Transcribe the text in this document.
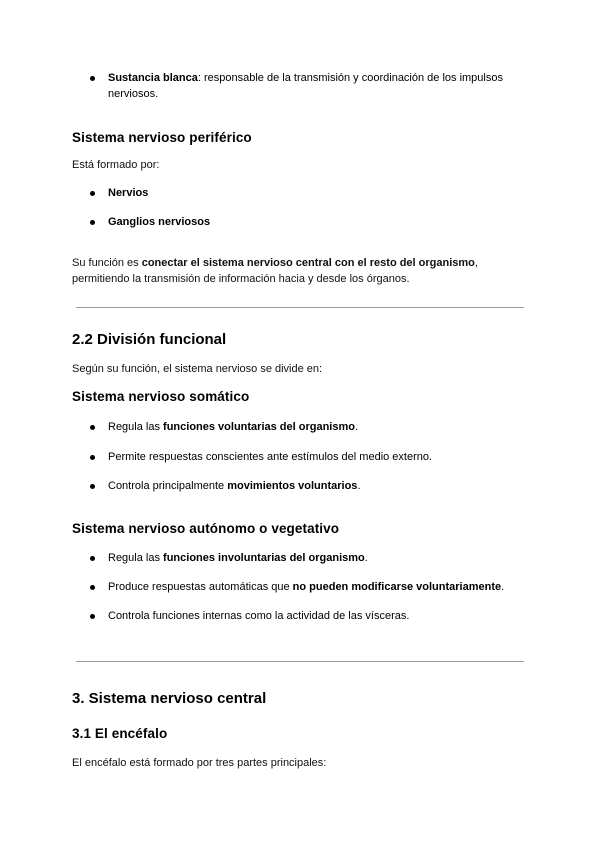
Sustancia blanca: responsable de la transmisión y coordinación de los impulsos
nerviosos.
Sistema nervioso periférico
Está formado por:
Nervios
Ganglios nerviosos
Su función es conectar el sistema nervioso central con el resto del organismo,
permitiendo la transmisión de información hacia y desde los órganos.
2.2 División funcional
Según su función, el sistema nervioso se divide en:
Sistema nervioso somático
Regula las funciones voluntarias del organismo.
Permite respuestas conscientes ante estímulos del medio externo.
Controla principalmente movimientos voluntarios.
Sistema nervioso autónomo o vegetativo
Regula las funciones involuntarias del organismo.
Produce respuestas automáticas que no pueden modificarse voluntariamente.
Controla funciones internas como la actividad de las vísceras.
3. Sistema nervioso central
3.1 El encéfalo
El encéfalo está formado por tres partes principales:
